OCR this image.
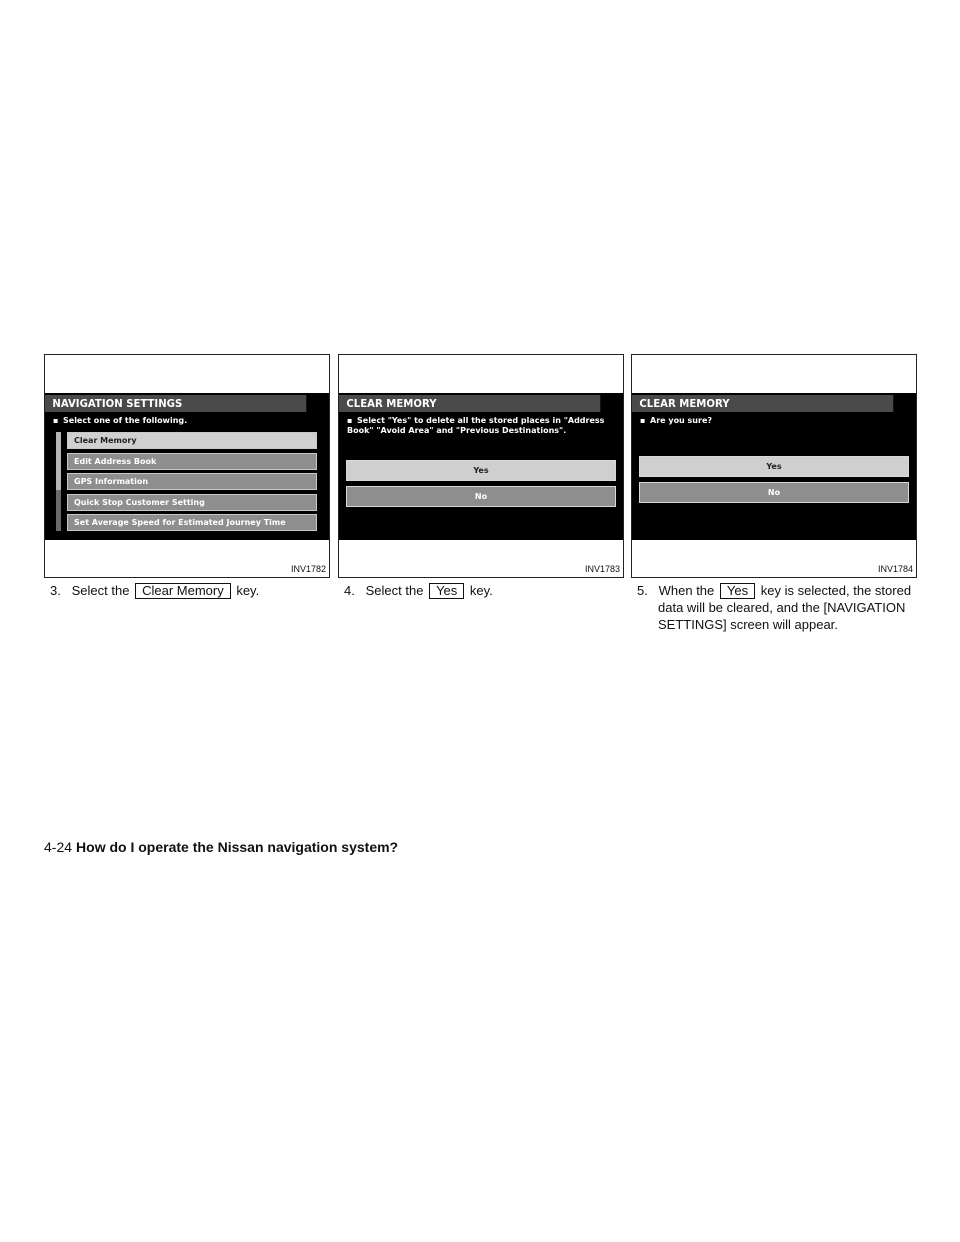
NAVIGATION SETTINGS
▪ Select one of the following.
Clear Memory
Edit Address Book
GPS Information
Quick Stop Customer Setting
Set Average Speed for Estimated Journey Time
INV1782
CLEAR MEMORY
▪ Select "Yes" to delete all the stored places in "Address Book" "Avoid Area" and "Previous Destinations".
Yes
No
INV1783
CLEAR MEMORY
▪ Are you sure?
Yes
No
INV1784
3. Select the Clear Memory key.	4. Select the Yes key.	5. When the Yes key is selected, the stored
data will be cleared, and the [NAVIGATION
SETTINGS] screen will appear.
4-24 How do I operate the Nissan navigation system?
